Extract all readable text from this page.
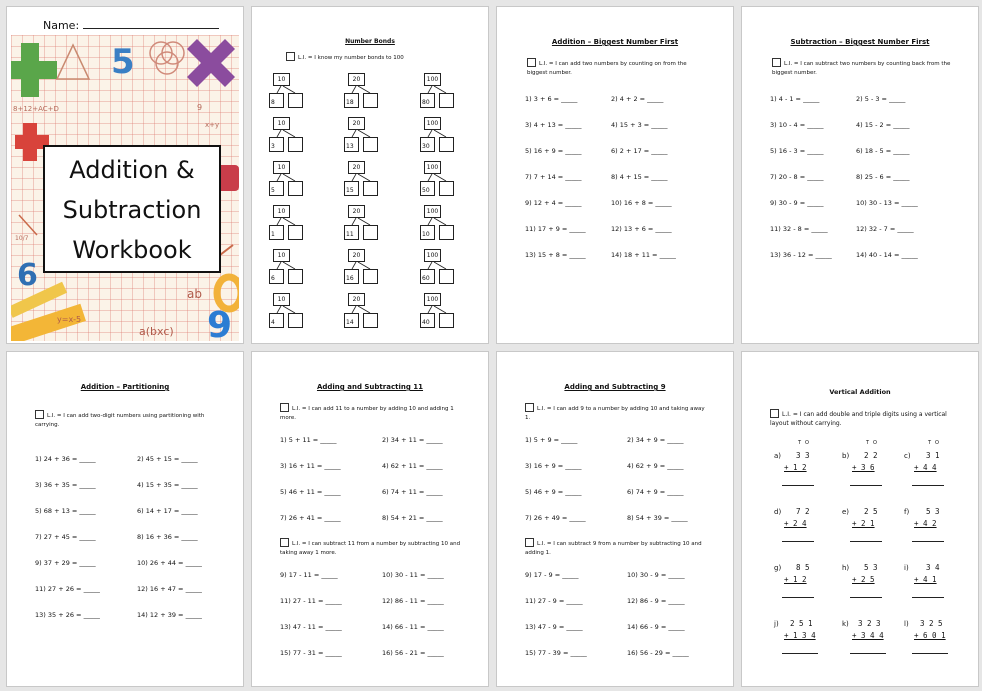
Name:
5
6
9
8+12+AC+D	9
x+y
10/7
ab
a(bxc)
y=x-5
Addition &
Subtraction
Workbook
Number Bonds
L.I. = I know my number bonds to 100
10
8
20
18
100
80
10
3
20
13
100
30
10
5
20
15
100
50
10
1
20
11
100
10
10
6
20
16
100
60
10
4
20
14
100
40
Addition – Biggest Number First
L.I. = I can add two numbers by counting on from the biggest number.
1) 3 + 6 = _____	2) 4 + 2 = _____
3) 4 + 13 = _____	4) 15 + 3 = _____
5) 16 + 9 = _____	6) 2 + 17 = _____
7) 7 + 14 = _____	8) 4 + 15 = _____
9) 12 + 4 = _____	10) 16 + 8 = _____
11) 17 + 9 = _____	12) 13 + 6 = _____
13) 15 + 8 = _____	14) 18 + 11 = _____
Subtraction – Biggest Number First
L.I. = I can subtract two numbers by counting back from the biggest number.
1) 4 - 1 = _____	2) 5 - 3 = _____
3) 10 - 4 = _____	4) 15 - 2 = _____
5) 16 - 3 = _____	6) 18 - 5 = _____
7) 20 - 8 = _____	8) 25 - 6 = _____
9) 30 - 9 = _____	10) 30 - 13 = _____
11) 32 - 8 = _____	12) 32 - 7 = _____
13) 36 - 12 = _____	14) 40 - 14 = _____
Addition – Partitioning
L.I. = I can add two-digit numbers using partitioning with carrying.
1) 24 + 36 = _____	2) 45 + 15 = _____
3) 36 + 35 = _____	4) 15 + 35 = _____
5) 68 + 13 = _____	6) 14 + 17 = _____
7) 27 + 45 = _____	8) 16 + 36 = _____
9) 37 + 29 = _____	10) 26 + 44 = _____
11) 27 + 26 = _____	12) 16 + 47 = _____
13) 35 + 26 = _____	14) 12 + 39 = _____
Adding and Subtracting 11
L.I. = I can add 11 to a number by adding 10 and adding 1 more.
L.I. = I can subtract 11 from a number by subtracting 10 and taking away 1 more.
1) 5 + 11 = _____	2) 34 + 11 = _____
3) 16 + 11 = _____	4) 62 + 11 = _____
5) 46 + 11 = _____	6) 74 + 11 = _____
7) 26 + 41 = _____	8) 54 + 21 = _____
9) 17 - 11 = _____	10) 30 - 11 = _____
11) 27 - 11 = _____	12) 86 - 11 = _____
13) 47 - 11 = _____	14) 66 - 11 = _____
15) 77 - 31 = _____	16) 56 - 21 = _____
Adding and Subtracting 9
L.I. = I can add 9 to a number by adding 10 and taking away 1.
L.I. = I can subtract 9 from a number by subtracting 10 and adding 1.
1) 5 + 9 = _____	2) 34 + 9 = _____
3) 16 + 9 = _____	4) 62 + 9 = _____
5) 46 + 9 = _____	6) 74 + 9 = _____
7) 26 + 49 = _____	8) 54 + 39 = _____
9) 17 - 9 = _____	10) 30 - 9 = _____
11) 27 - 9 = _____	12) 86 - 9 = _____
13) 47 - 9 = _____	14) 66 - 9 = _____
15) 77 - 39 = _____	16) 56 - 29 = _____
Vertical Addition
L.I. = I can add double and triple digits using a vertical layout without carrying.
TO
a) 3 3
+ 1 2
TO
b) 2 2
+ 3 6
TO
c) 3 1
+ 4 4
d) 7 2
+ 2 4
e) 2 5
+ 2 1
f) 5 3
+ 4 2
g) 8 5
+ 1 2
h) 5 3
+ 2 5
i) 3 4
+ 4 1
j) 2 5 1
+ 1 3 4
k) 3 2 3
+ 3 4 4
l) 3 2 5
+ 6 0 1
